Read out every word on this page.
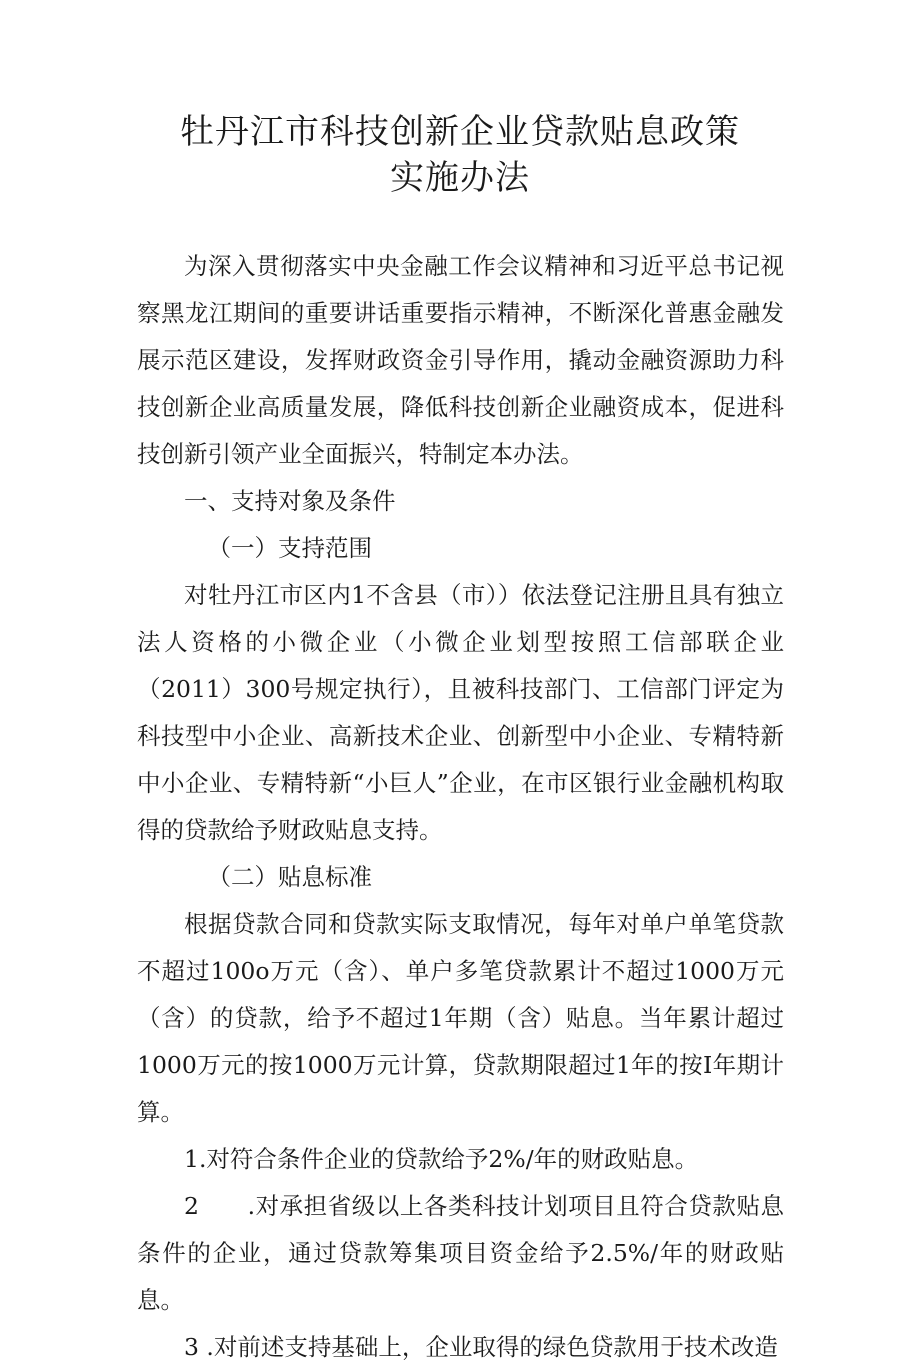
牡丹江市科技创新企业贷款贴息政策
实施办法

为深入贯彻落实中央金融工作会议精神和习近平总书记视察黑龙江期间的重要讲话重要指示精神，不断深化普惠金融发展示范区建设，发挥财政资金引导作用，撬动金融资源助力科技创新企业高质量发展，降低科技创新企业融资成本，促进科技创新引领产业全面振兴，特制定本办法。

一、支持对象及条件

（一）支持范围

对牡丹江市区内1不含县（市））依法登记注册且具有独立法人资格的小微企业（小微企业划型按照工信部联企业（2011）300号规定执行），且被科技部门、工信部门评定为科技型中小企业、高新技术企业、创新型中小企业、专精特新中小企业、专精特新“小巨人”企业，在市区银行业金融机构取得的贷款给予财政贴息支持。

（二）贴息标准

根据贷款合同和贷款实际支取情况，每年对单户单笔贷款不超过100o万元（含）、单户多笔贷款累计不超过1000万元（含）的贷款，给予不超过1年期（含）贴息。当年累计超过1000万元的按1000万元计算，贷款期限超过1年的按I年期计算。

1.对符合条件企业的贷款给予2%/年的财政贴息。

2　　.对承担省级以上各类科技计划项目且符合贷款贴息条件的企业，通过贷款筹集项目资金给予2.5%/年的财政贴息。

3 .对前述支持基础上，企业取得的绿色贷款用于技术改造
